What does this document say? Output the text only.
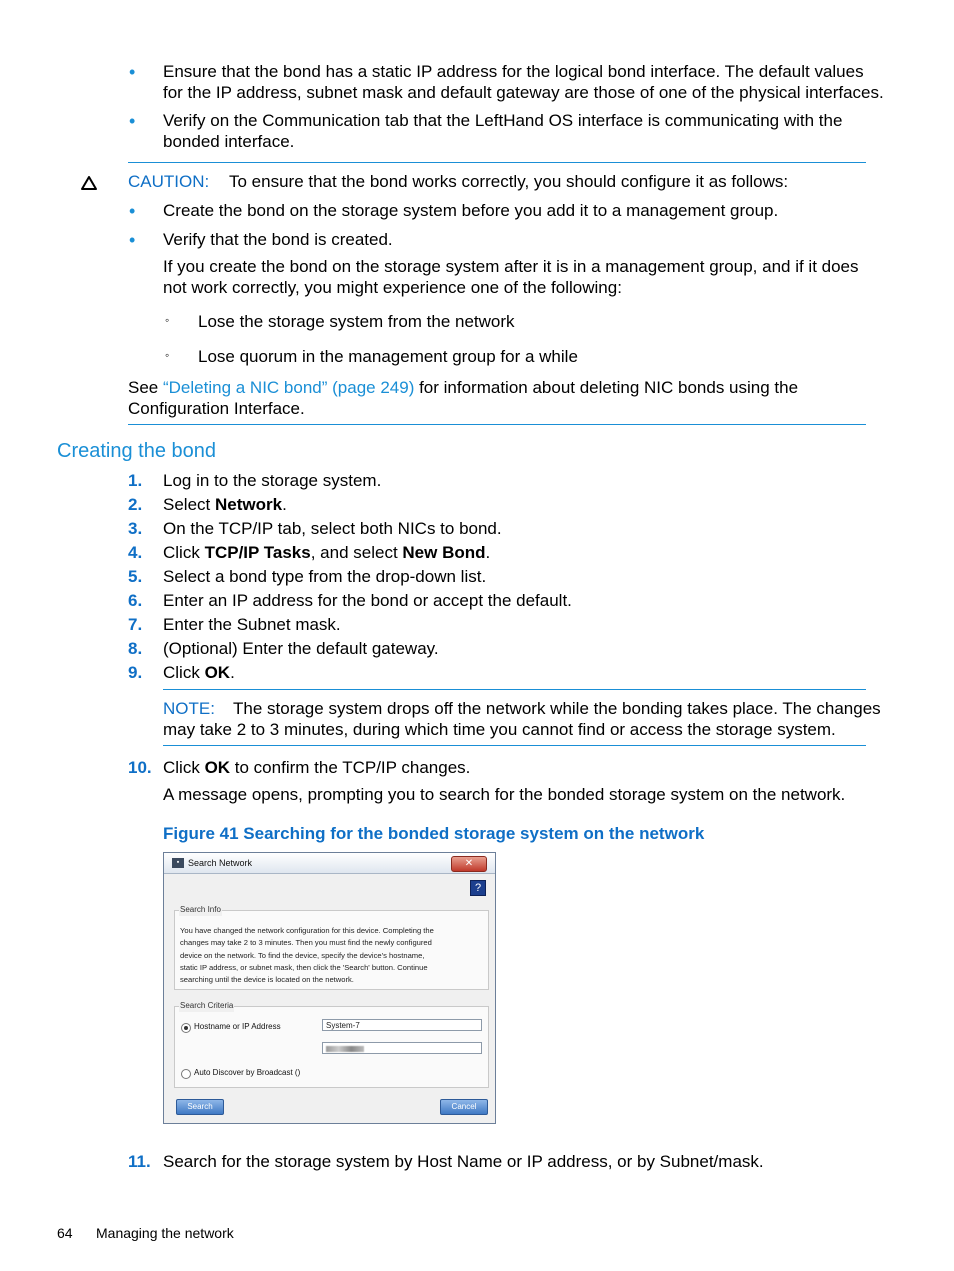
• Ensure that the bond has a static IP address for the logical bond interface. The default values
for the IP address, subnet mask and default gateway are those of one of the physical interfaces.
• Verify on the Communication tab that the LeftHand OS interface is communicating with the
bonded interface.
CAUTION: To ensure that the bond works correctly, you should configure it as follows:
• Create the bond on the storage system before you add it to a management group.
• Verify that the bond is created.
If you create the bond on the storage system after it is in a management group, and if it does
not work correctly, you might experience one of the following:
◦ Lose the storage system from the network
◦ Lose quorum in the management group for a while
See “Deleting a NIC bond” (page 249) for information about deleting NIC bonds using the
Configuration Interface.
Creating the bond
1. Log in to the storage system.
2. Select Network.
3. On the TCP/IP tab, select both NICs to bond.
4. Click TCP/IP Tasks, and select New Bond.
5. Select a bond type from the drop-down list.
6. Enter an IP address for the bond or accept the default.
7. Enter the Subnet mask.
8. (Optional) Enter the default gateway.
9. Click OK.
NOTE: The storage system drops off the network while the bonding takes place. The changes
may take 2 to 3 minutes, during which time you cannot find or access the storage system.
10. Click OK to confirm the TCP/IP changes.
A message opens, prompting you to search for the bonded storage system on the network.
Figure 41 Searching for the bonded storage system on the network
▪ Search Network	✕
?
Search Info
You have changed the network configuration for this device. Completing the
changes may take 2 to 3 minutes. Then you must find the newly configured
device on the network. To find the device, specify the device's hostname,
static IP address, or subnet mask, then click the 'Search' button. Continue
searching until the device is located on the network.
Search Criteria
Hostname or IP Address	System-7
Auto Discover by Broadcast ()
Search	Cancel
11. Search for the storage system by Host Name or IP address, or by Subnet/mask.
64 Managing the network
